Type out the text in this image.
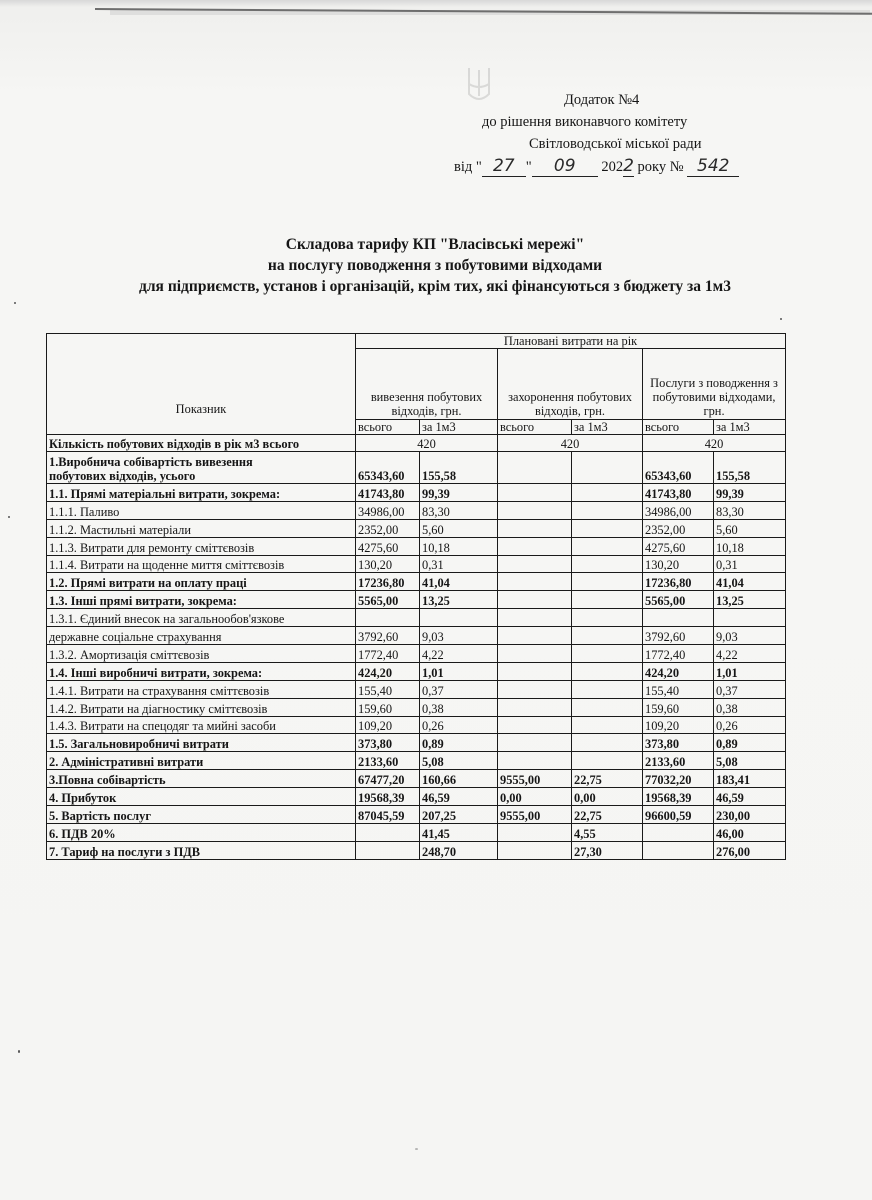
Додаток №4
до рішення виконавчого комітету
Світловодської міської ради
від " 27 " 09 2022 року № 542
Складова тарифу КП "Власівські мережі"
на послугу поводження з побутовими відходами
для підприємств, установ і організацій, крім тих, які фінансуються з бюджету за 1м3
Показник	Плановані витрати на рік					
	вивезення побутових відходів, грн.		захоронення побутових відходів, грн.		Послуги з поводження з побутовими відходами, грн.	
	всього	за 1м3	всього	за 1м3	всього	за 1м3
Кількість побутових відходів в рік м3 всього	420		420		420	

1.Виробнича собівартість вивезення
побутових відходів, усього	65343,60	155,58			65343,60	155,58
1.1. Прямі матеріальні витрати, зокрема:	41743,80	99,39			41743,80	99,39
1.1.1. Паливо	34986,00	83,30			34986,00	83,30
1.1.2. Мастильні матеріали	2352,00	5,60			2352,00	5,60
1.1.3. Витрати для ремонту сміттєвозів	4275,60	10,18			4275,60	10,18
1.1.4. Витрати на щоденне миття сміттєвозів	130,20	0,31			130,20	0,31
1.2. Прямі витрати на оплату праці	17236,80	41,04			17236,80	41,04
1.3. Інші прямі витрати, зокрема:	5565,00	13,25			5565,00	13,25
1.3.1. Єдиний внесок на загальнообов'язкове						
державне соціальне страхування	3792,60	9,03			3792,60	9,03
1.3.2. Амортизація сміттєвозів	1772,40	4,22			1772,40	4,22
1.4. Інші виробничі витрати, зокрема:	424,20	1,01			424,20	1,01
1.4.1. Витрати на страхування сміттєвозів	155,40	0,37			155,40	0,37
1.4.2. Витрати на діагностику сміттєвозів	159,60	0,38			159,60	0,38
1.4.3. Витрати на спецодяг та мийні засоби	109,20	0,26			109,20	0,26
1.5. Загальновиробничі витрати	373,80	0,89			373,80	0,89
2. Адміністративні витрати	2133,60	5,08			2133,60	5,08
3.Повна собівартість	67477,20	160,66	9555,00	22,75	77032,20	183,41
4. Прибуток	19568,39	46,59	0,00	0,00	19568,39	46,59
5. Вартість послуг	87045,59	207,25	9555,00	22,75	96600,59	230,00
6. ПДВ 20%		41,45		4,55		46,00
7. Тариф на послуги з ПДВ		248,70		27,30		276,00
